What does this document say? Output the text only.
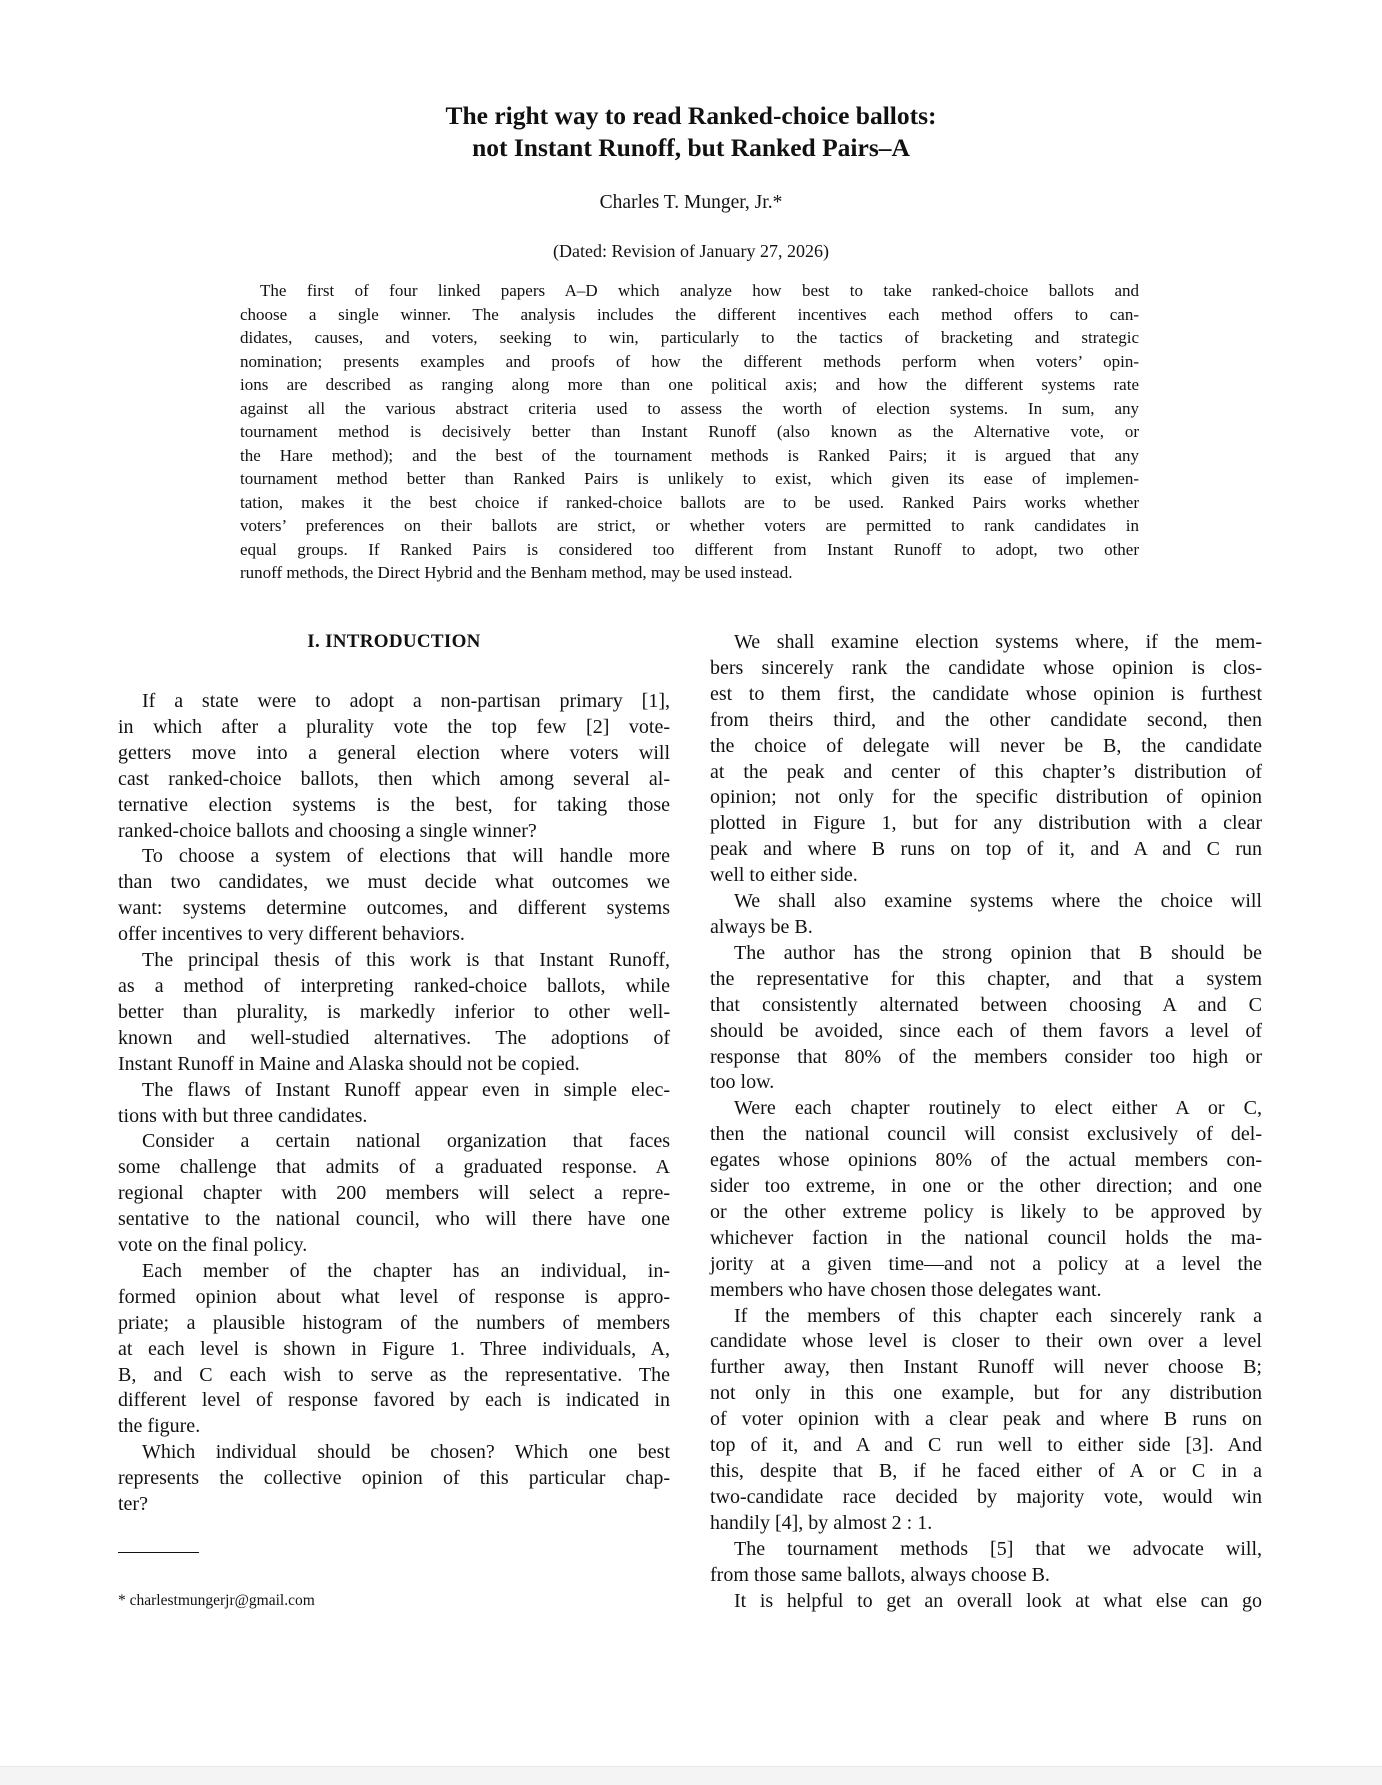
The right way to read Ranked-choice ballots:
not Instant Runoff, but Ranked Pairs–A
Charles T. Munger, Jr.*
(Dated: Revision of January 27, 2026)
The first of four linked papers A–D which analyze how best to take ranked-choice ballots and
choose a single winner. The analysis includes the different incentives each method offers to can-
didates, causes, and voters, seeking to win, particularly to the tactics of bracketing and strategic
nomination; presents examples and proofs of how the different methods perform when voters’ opin-
ions are described as ranging along more than one political axis; and how the different systems rate
against all the various abstract criteria used to assess the worth of election systems. In sum, any
tournament method is decisively better than Instant Runoff (also known as the Alternative vote, or
the Hare method); and the best of the tournament methods is Ranked Pairs; it is argued that any
tournament method better than Ranked Pairs is unlikely to exist, which given its ease of implemen-
tation, makes it the best choice if ranked-choice ballots are to be used. Ranked Pairs works whether
voters’ preferences on their ballots are strict, or whether voters are permitted to rank candidates in
equal groups. If Ranked Pairs is considered too different from Instant Runoff to adopt, two other
runoff methods, the Direct Hybrid and the Benham method, may be used instead.
I. INTRODUCTION
If a state were to adopt a non-partisan primary [1],
in which after a plurality vote the top few [2] vote-
getters move into a general election where voters will
cast ranked-choice ballots, then which among several al-
ternative election systems is the best, for taking those
ranked-choice ballots and choosing a single winner?
To choose a system of elections that will handle more
than two candidates, we must decide what outcomes we
want: systems determine outcomes, and different systems
offer incentives to very different behaviors.
The principal thesis of this work is that Instant Runoff,
as a method of interpreting ranked-choice ballots, while
better than plurality, is markedly inferior to other well-
known and well-studied alternatives. The adoptions of
Instant Runoff in Maine and Alaska should not be copied.
The flaws of Instant Runoff appear even in simple elec-
tions with but three candidates.
Consider a certain national organization that faces
some challenge that admits of a graduated response. A
regional chapter with 200 members will select a repre-
sentative to the national council, who will there have one
vote on the final policy.
Each member of the chapter has an individual, in-
formed opinion about what level of response is appro-
priate; a plausible histogram of the numbers of members
at each level is shown in Figure 1. Three individuals, A,
B, and C each wish to serve as the representative. The
different level of response favored by each is indicated in
the figure.
Which individual should be chosen? Which one best
represents the collective opinion of this particular chap-
ter?
We shall examine election systems where, if the mem-
bers sincerely rank the candidate whose opinion is clos-
est to them first, the candidate whose opinion is furthest
from theirs third, and the other candidate second, then
the choice of delegate will never be B, the candidate
at the peak and center of this chapter’s distribution of
opinion; not only for the specific distribution of opinion
plotted in Figure 1, but for any distribution with a clear
peak and where B runs on top of it, and A and C run
well to either side.
We shall also examine systems where the choice will
always be B.
The author has the strong opinion that B should be
the representative for this chapter, and that a system
that consistently alternated between choosing A and C
should be avoided, since each of them favors a level of
response that 80% of the members consider too high or
too low.
Were each chapter routinely to elect either A or C,
then the national council will consist exclusively of del-
egates whose opinions 80% of the actual members con-
sider too extreme, in one or the other direction; and one
or the other extreme policy is likely to be approved by
whichever faction in the national council holds the ma-
jority at a given time—and not a policy at a level the
members who have chosen those delegates want.
If the members of this chapter each sincerely rank a
candidate whose level is closer to their own over a level
further away, then Instant Runoff will never choose B;
not only in this one example, but for any distribution
of voter opinion with a clear peak and where B runs on
top of it, and A and C run well to either side [3]. And
this, despite that B, if he faced either of A or C in a
two-candidate race decided by majority vote, would win
handily [4], by almost 2 : 1.
The tournament methods [5] that we advocate will,
from those same ballots, always choose B.
It is helpful to get an overall look at what else can go
* charlestmungerjr@gmail.com
